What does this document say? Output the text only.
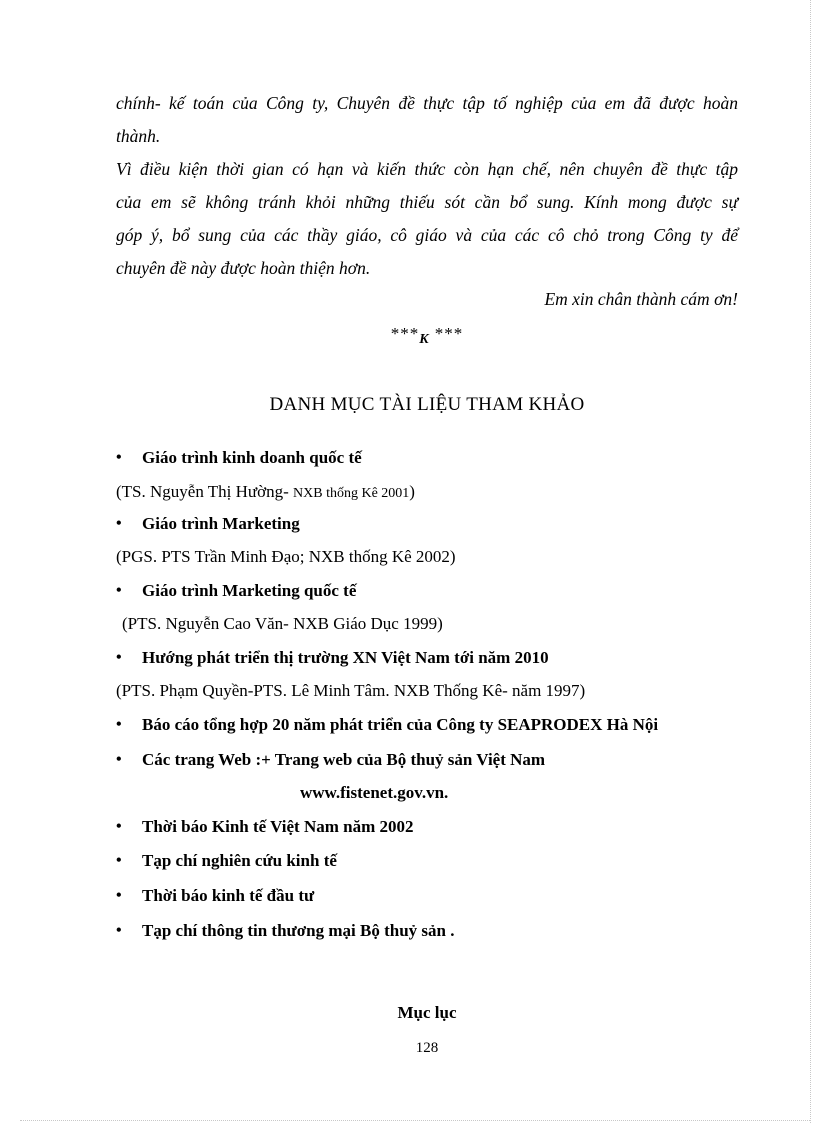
chính- kế toán của Công ty, Chuyên đề thực tập tố nghiệp của em đã được hoàn
thành.
Vì điều kiện thời gian có hạn và kiến thức còn hạn chế, nên chuyên đề thực tập
của em sẽ không tránh khỏi những thiếu sót cần bổ sung. Kính mong được sự
góp ý, bổ sung của các thầy giáo, cô giáo và của các cô chỏ trong Công ty để
chuyên đề này được hoàn thiện hơn.
Em xin chân thành cám ơn!
$***_K$ ***
DANH MỤC TÀI LIỆU THAM KHẢO
• Giáo trình kinh doanh quốc tế
(TS. Nguyễn Thị Hường- NXB thống Kê 2001)
• Giáo trình Marketing
(PGS. PTS Trần Minh Đạo; NXB thống Kê 2002)
• Giáo trình Marketing quốc tế
(PTS. Nguyễn Cao Văn- NXB Giáo Dục 1999)
• Hướng phát triển thị trường XN Việt Nam tới năm 2010
(PTS. Phạm Quyền-PTS. Lê Minh Tâm. NXB Thống Kê- năm 1997)
• Báo cáo tổng hợp 20 năm phát triển của Công ty SEAPRODEX Hà Nội
• Các trang Web :+ Trang web của Bộ thuỷ sản Việt Nam
www.fistenet.gov.vn.
• Thời báo Kinh tế Việt Nam năm 2002
• Tạp chí nghiên cứu kinh tế
• Thời báo kinh tế đầu tư
• Tạp chí thông tin thương mại Bộ thuỷ sản .
Mục lục
128
